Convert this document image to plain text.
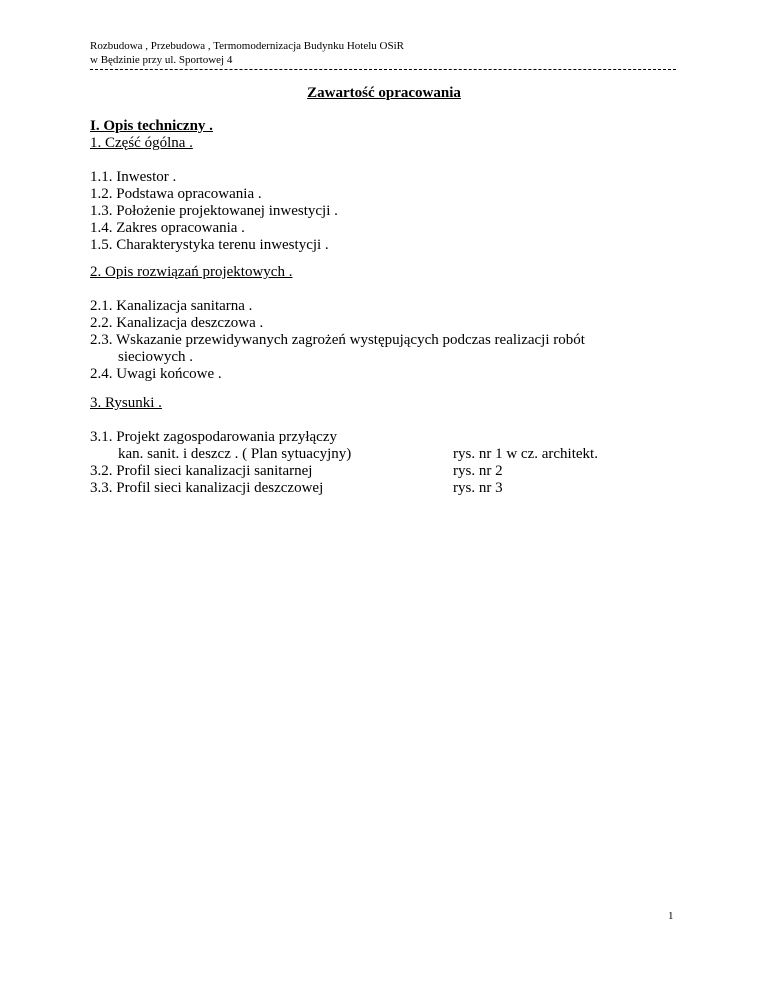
Rozbudowa , Przebudowa , Termomodernizacja Budynku Hotelu OSiR
w Będzinie przy ul. Sportowej 4
Zawartość opracowania
I. Opis techniczny .
1. Część ógólna .
1.1. Inwestor .
1.2. Podstawa opracowania .
1.3. Położenie projektowanej inwestycji .
1.4. Zakres opracowania .
1.5. Charakterystyka terenu inwestycji .
2. Opis rozwiązań projektowych .
2.1. Kanalizacja sanitarna .
2.2. Kanalizacja deszczowa .
2.3. Wskazanie przewidywanych zagrożeń występujących podczas realizacji robót
sieciowych .
2.4. Uwagi końcowe .
3. Rysunki .
3.1. Projekt zagospodarowania przyłączy
kan. sanit. i deszcz . ( Plan sytuacyjny)	rys. nr 1 w cz. architekt.
3.2. Profil sieci kanalizacji sanitarnej	rys. nr 2
3.3. Profil sieci kanalizacji deszczowej	rys. nr 3
1
